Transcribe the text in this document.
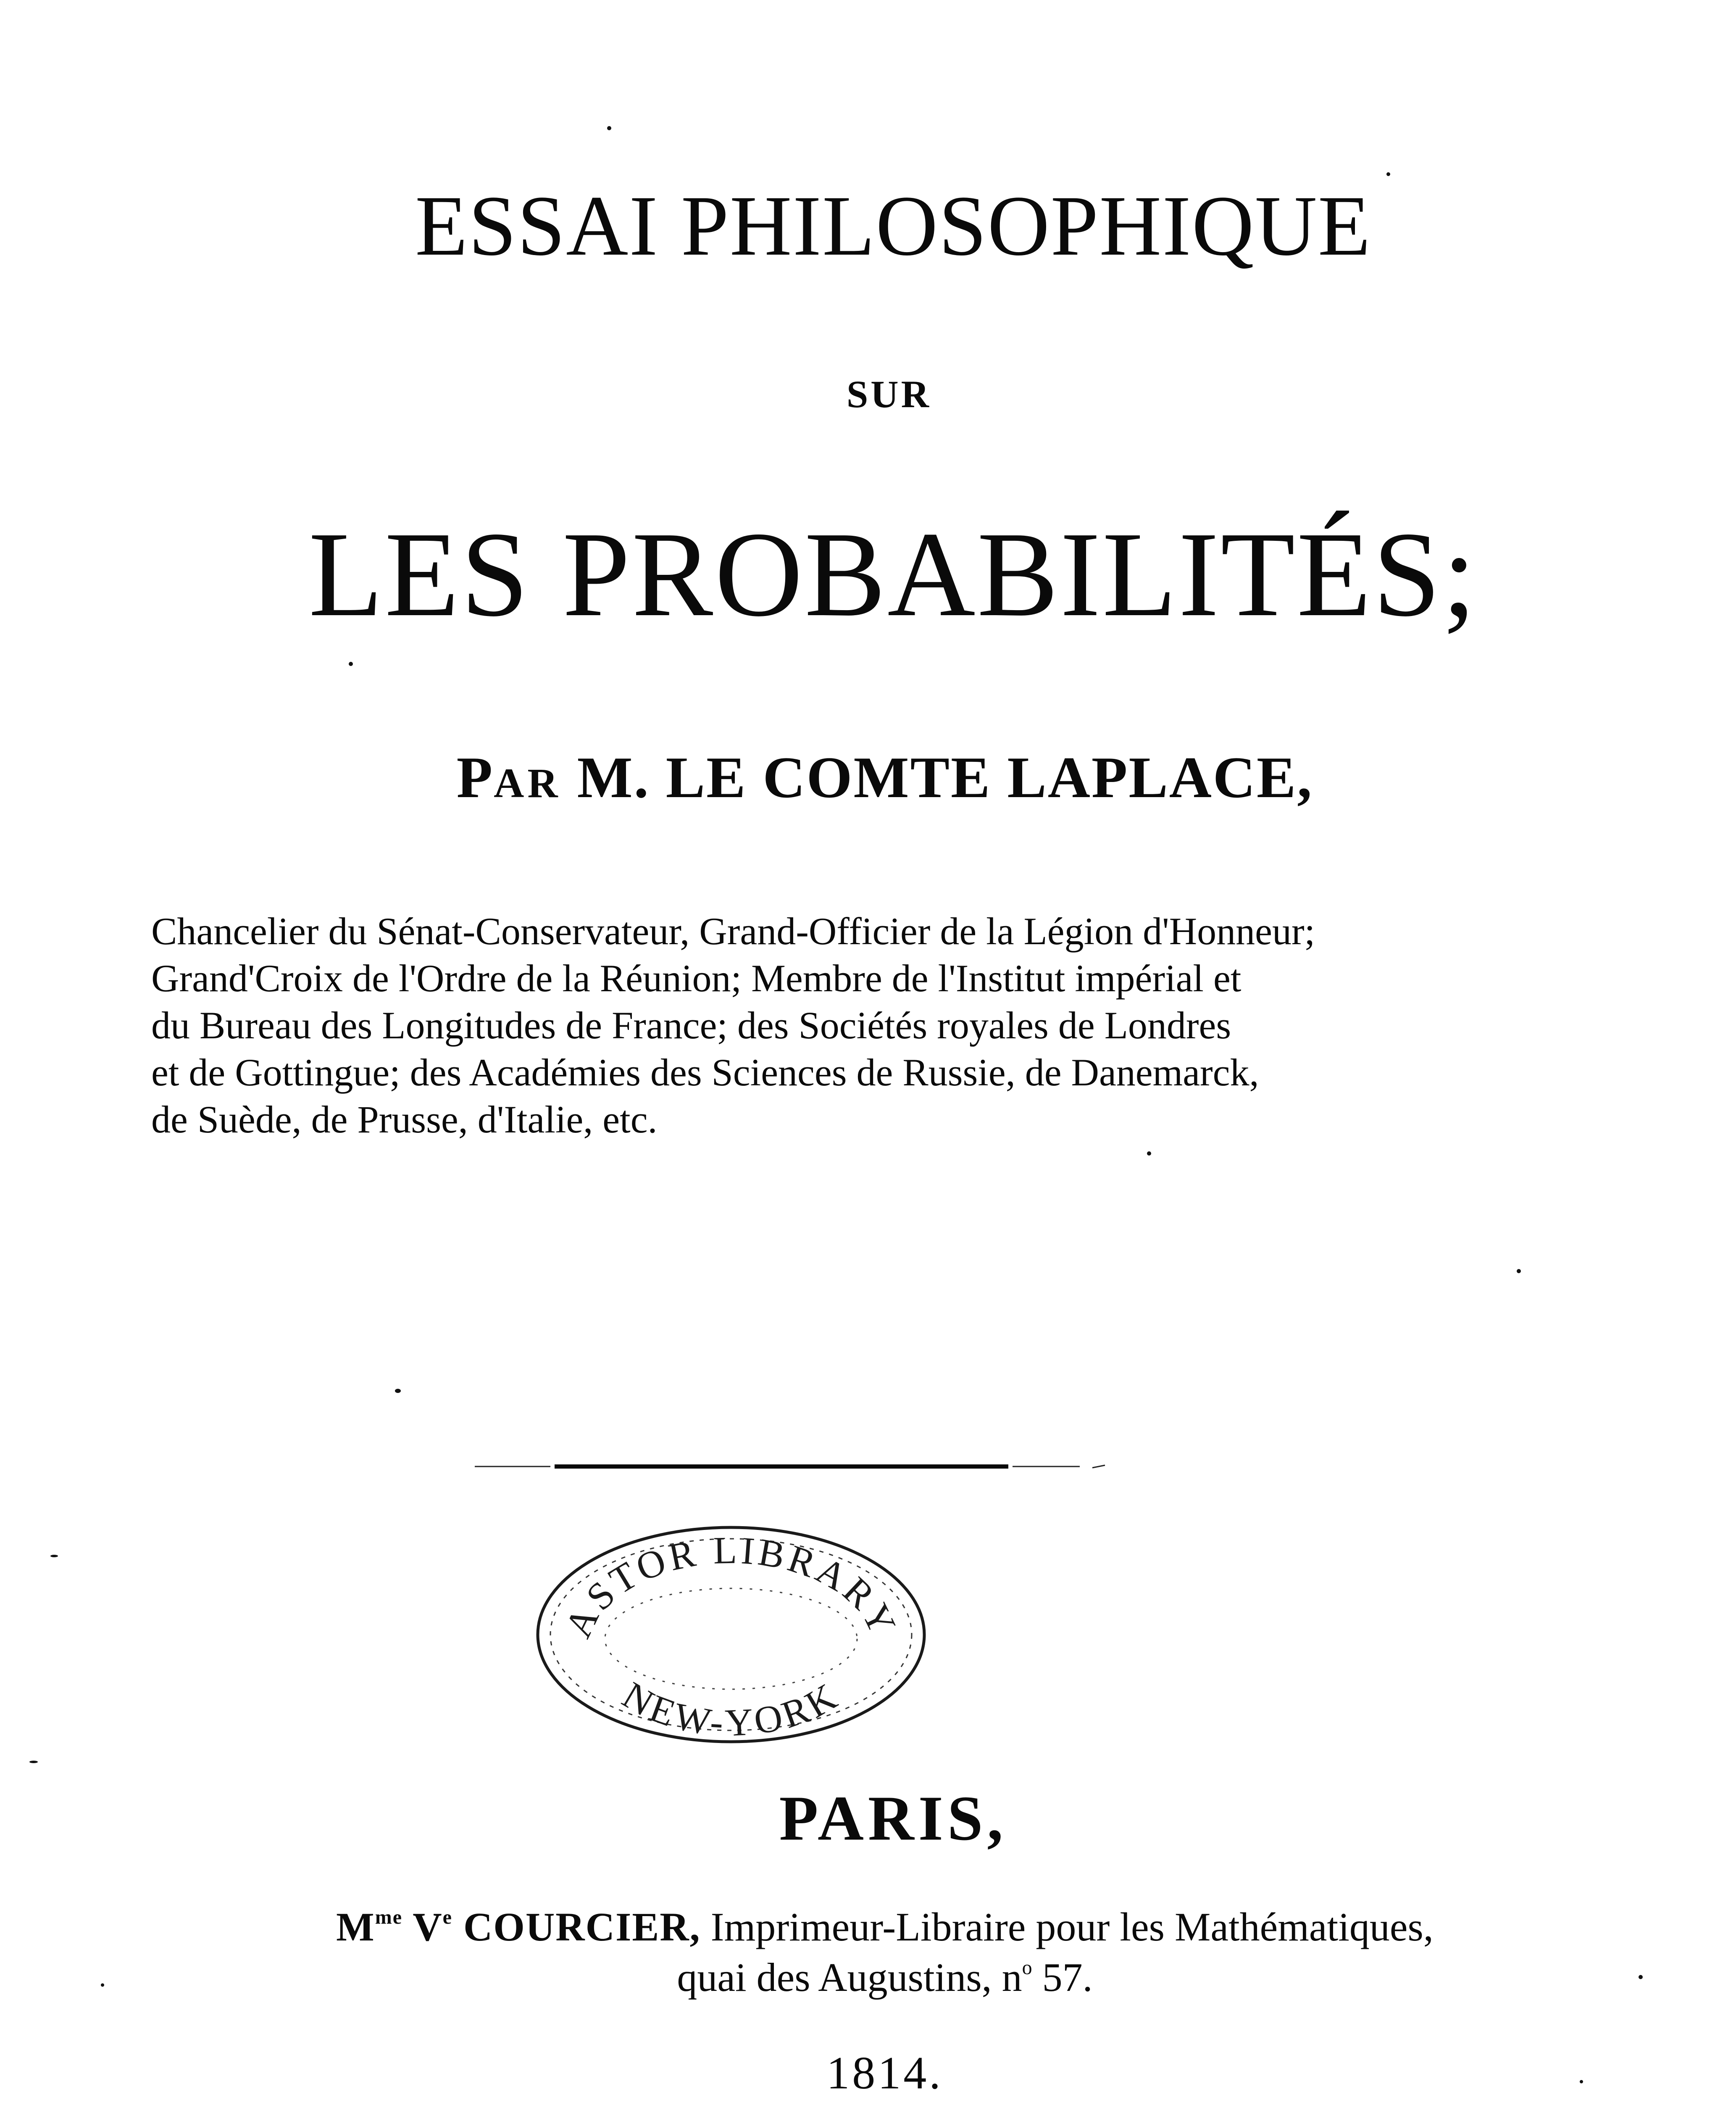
ESSAI PHILOSOPHIQUE
SUR
LES PROBABILITÉS;
PAR M. LE COMTE LAPLACE,
Chancelier du Sénat-Conservateur, Grand-Officier de la Légion d'Honneur;
Grand'Croix de l'Ordre de la Réunion; Membre de l'Institut impérial et
du Bureau des Longitudes de France; des Sociétés royales de Londres
et de Gottingue; des Académies des Sciences de Russie, de Danemarck,
de Suède, de Prusse, d'Italie, etc.
ASTOR LIBRARY
NEW-YORK
PARIS,
$M^{me}$ Ve COURCIER, Imprimeur-Libraire pour les Mathématiques,
quai des Augustins, $n^o$ 57.
1814.
